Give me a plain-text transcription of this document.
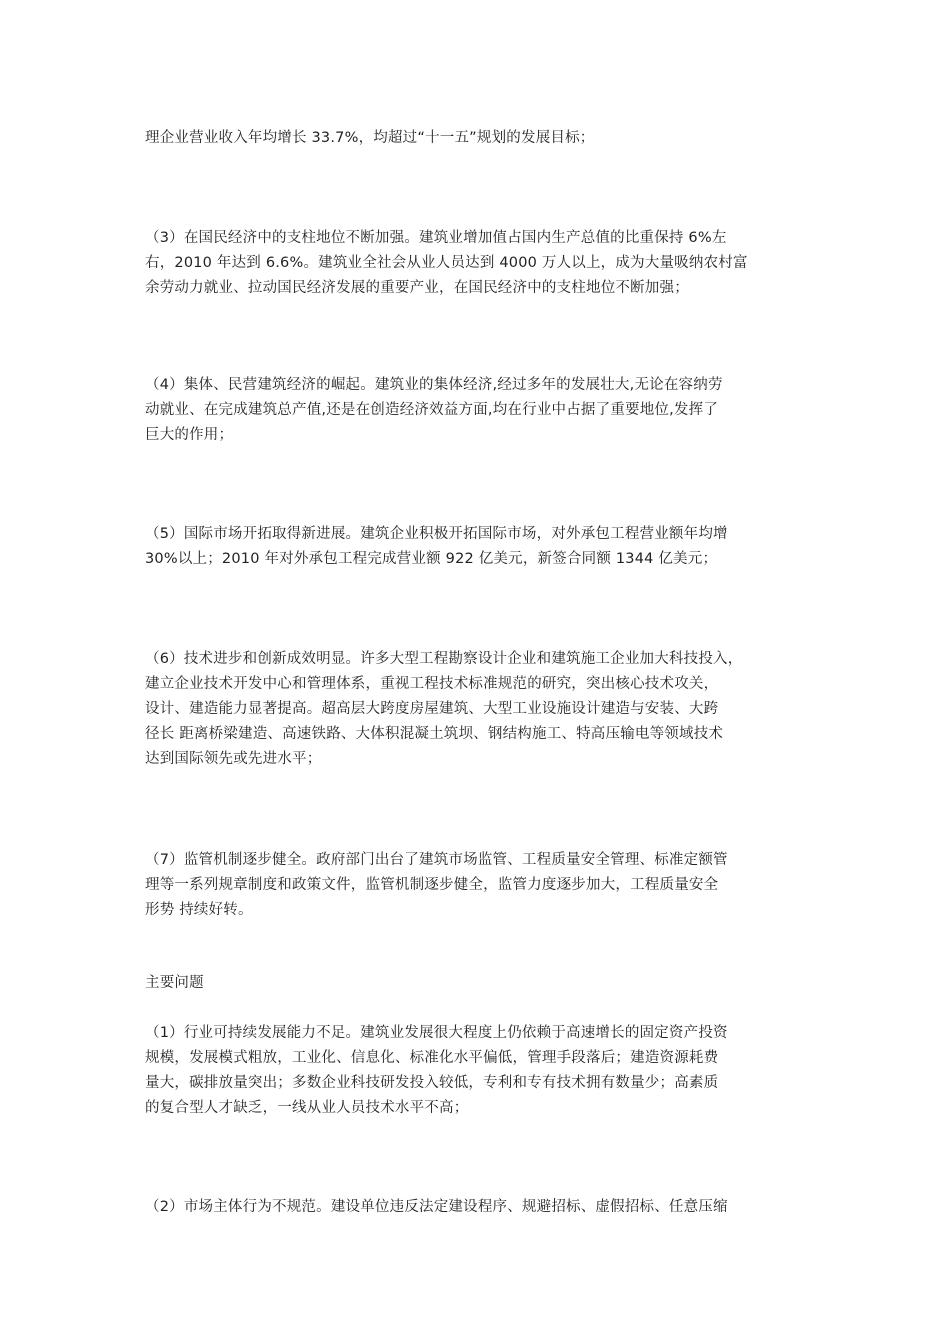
理企业营业收入年均增长 33.7%，均超过“十一五”规划的发展目标；
（3）在国民经济中的支柱地位不断加强。建筑业增加值占国内生产总值的比重保持 6%左
右，2010 年达到 6.6%。建筑业全社会从业人员达到 4000 万人以上，成为大量吸纳农村富
余劳动力就业、拉动国民经济发展的重要产业，在国民经济中的支柱地位不断加强；
（4）集体、民营建筑经济的崛起。建筑业的集体经济,经过多年的发展壮大,无论在容纳劳
动就业、在完成建筑总产值,还是在创造经济效益方面,均在行业中占据了重要地位,发挥了
巨大的作用；
（5）国际市场开拓取得新进展。建筑企业积极开拓国际市场，对外承包工程营业额年均增
30%以上；2010 年对外承包工程完成营业额 922 亿美元，新签合同额 1344 亿美元；
（6）技术进步和创新成效明显。许多大型工程勘察设计企业和建筑施工企业加大科技投入，
建立企业技术开发中心和管理体系，重视工程技术标准规范的研究，突出核心技术攻关，
设计、建造能力显著提高。超高层大跨度房屋建筑、大型工业设施设计建造与安装、大跨
径长 距离桥梁建造、高速铁路、大体积混凝土筑坝、钢结构施工、特高压输电等领域技术
达到国际领先或先进水平；
（7）监管机制逐步健全。政府部门出台了建筑市场监管、工程质量安全管理、标准定额管
理等一系列规章制度和政策文件，监管机制逐步健全，监管力度逐步加大，工程质量安全
形势 持续好转。
主要问题
（1）行业可持续发展能力不足。建筑业发展很大程度上仍依赖于高速增长的固定资产投资
规模，发展模式粗放，工业化、信息化、标准化水平偏低，管理手段落后；建造资源耗费
量大，碳排放量突出；多数企业科技研发投入较低，专利和专有技术拥有数量少；高素质
的复合型人才缺乏，一线从业人员技术水平不高；
（2）市场主体行为不规范。建设单位违反法定建设程序、规避招标、虚假招标、任意压缩
